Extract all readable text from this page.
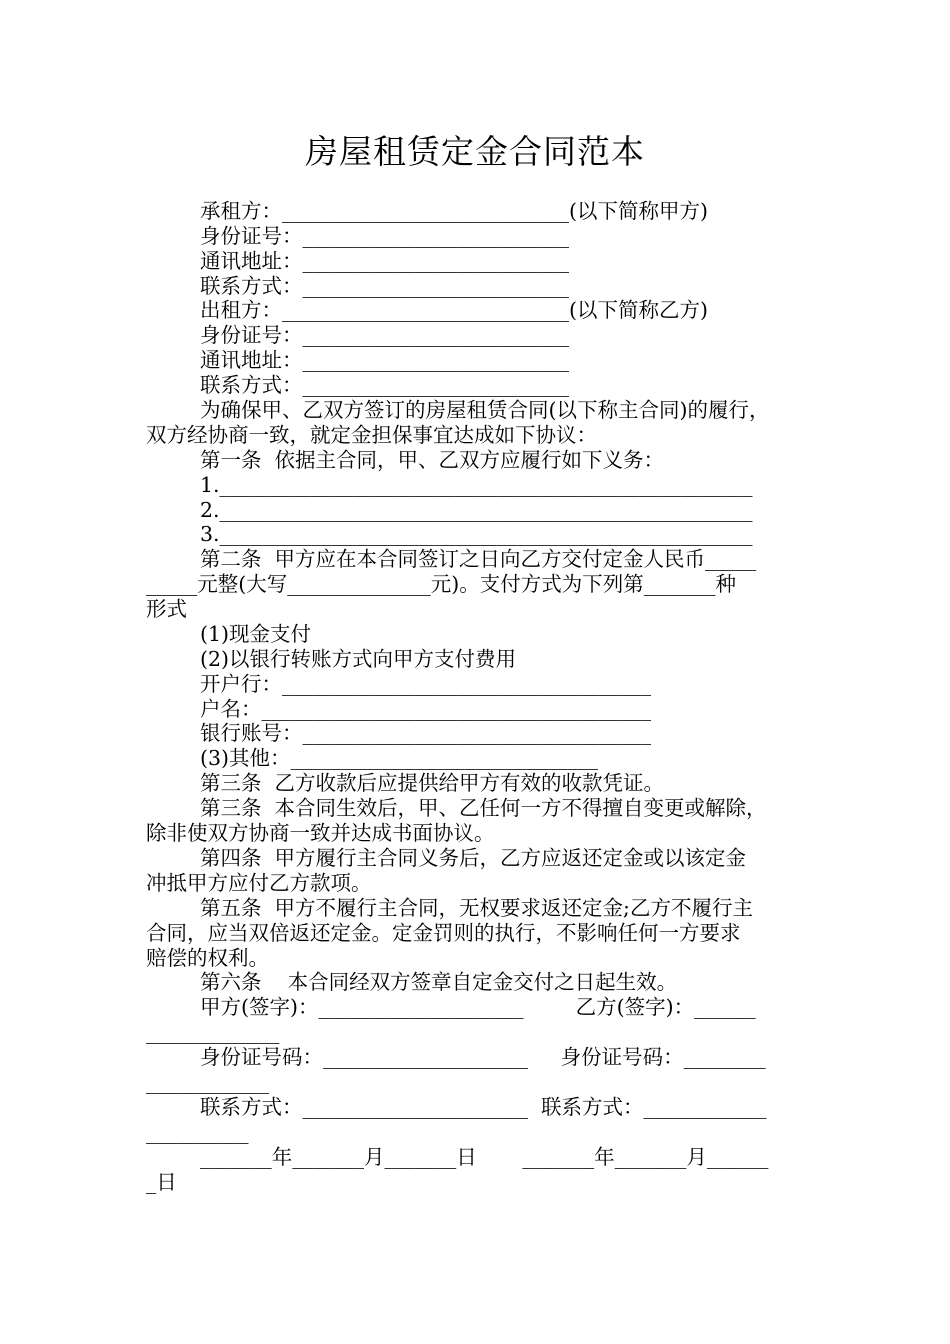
房屋租赁定金合同范本
承租方：____________________________(以下简称甲方)
身份证号：__________________________
通讯地址：__________________________
联系方式：__________________________
出租方：____________________________(以下简称乙方)
身份证号：__________________________
通讯地址：__________________________
联系方式：__________________________
为确保甲、乙双方签订的房屋租赁合同(以下称主合同)的履行，
双方经协商一致，就定金担保事宜达成如下协议：
第一条  依据主合同，甲、乙双方应履行如下义务：
1.____________________________________________________
2.____________________________________________________
3.____________________________________________________
第二条  甲方应在本合同签订之日向乙方交付定金人民币_____
_____元整(大写______________元)。支付方式为下列第_______种
形式
(1)现金支付
(2)以银行转账方式向甲方支付费用
开户行：____________________________________
户名：______________________________________
银行账号：__________________________________
(3)其他：______________________________
第三条  乙方收款后应提供给甲方有效的收款凭证。
第三条  本合同生效后，甲、乙任何一方不得擅自变更或解除，
除非使双方协商一致并达成书面协议。
第四条  甲方履行主合同义务后，乙方应返还定金或以该定金
冲抵甲方应付乙方款项。
第五条  甲方不履行主合同，无权要求返还定金;乙方不履行主
合同，应当双倍返还定金。定金罚则的执行，不影响任何一方要求
赔偿的权利。
第六条    本合同经双方签章自定金交付之日起生效。
甲方(签字)：____________________        乙方(签字)：______
_____________
身份证号码：____________________     身份证号码：________
____________
联系方式：______________________  联系方式：____________
__________
_______年_______月_______日       _______年_______月______
_日
